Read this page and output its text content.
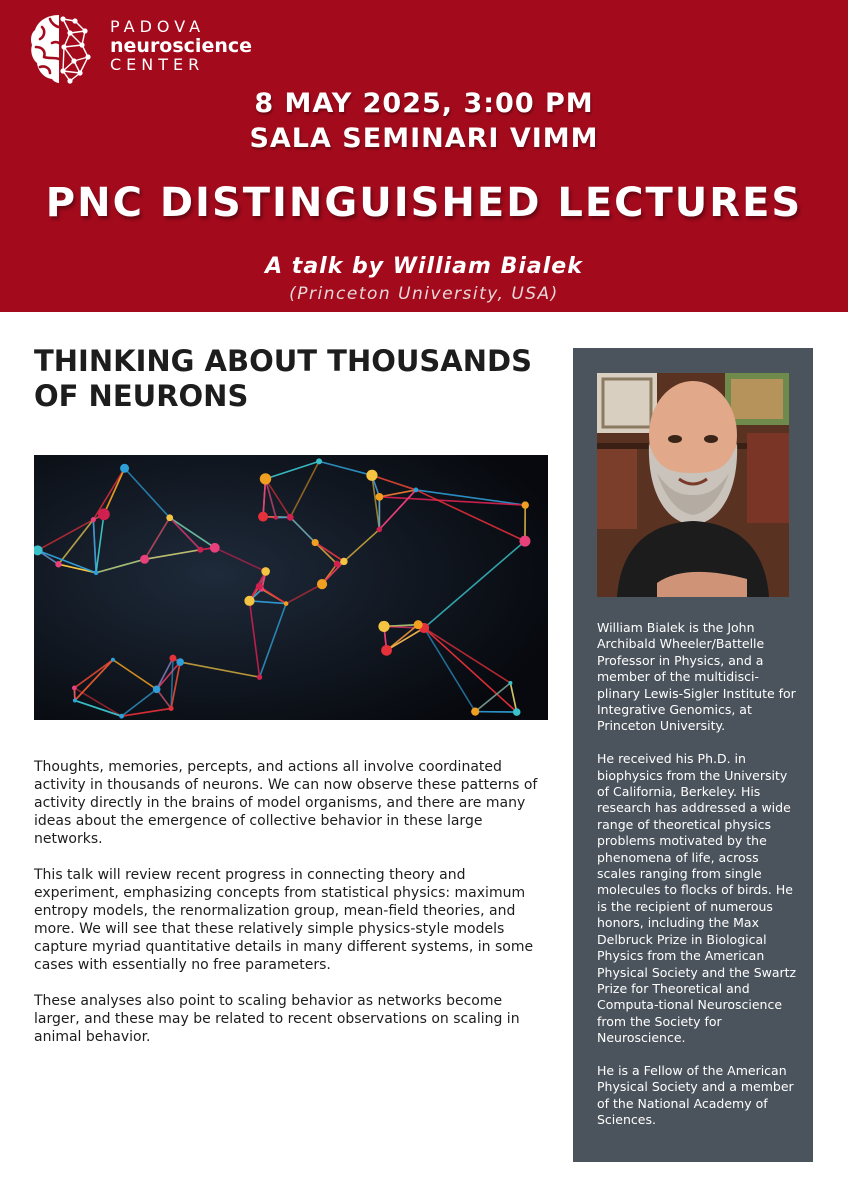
PADOVA
neuroscience
CENTER
8 MAY 2025, 3:00 PM
SALA SEMINARI VIMM
PNC DISTINGUISHED LECTURES
A talk by William Bialek
(Princeton University, USA)
THINKING ABOUT THOUSANDS OF NEURONS

Thoughts, memories, percepts, and actions all involve coordinated activity in thousands of neurons. We can now observe these patterns of activity directly in the brains of model organisms, and there are many ideas about the emergence of collective behavior in these large networks.

This talk will review recent progress in connecting theory and experiment, emphasizing concepts from statistical physics: maximum entropy models, the renormalization group, mean-field theories, and more. We will see that these relatively simple physics-style models capture myriad quantitative details in many different systems, in some cases with essentially no free parameters.

These analyses also point to scaling behavior as networks become larger, and these may be related to recent observations on scaling in animal behavior.

William Bialek is the John Archibald Wheeler/Battelle Professor in Physics, and a member of the multidisci-plinary Lewis-Sigler Institute for Integrative Genomics, at Princeton University.

He received his Ph.D. in biophysics from the University of California, Berkeley. His research has addressed a wide range of theoretical physics problems motivated by the phenomena of life, across scales ranging from single molecules to flocks of birds. He is the recipient of numerous honors, including the Max Delbruck Prize in Biological Physics from the American Physical Society and the Swartz Prize for Theoretical and Computa-tional Neuroscience from the Society for Neuroscience.

He is a Fellow of the American Physical Society and a member of the National Academy of Sciences.
